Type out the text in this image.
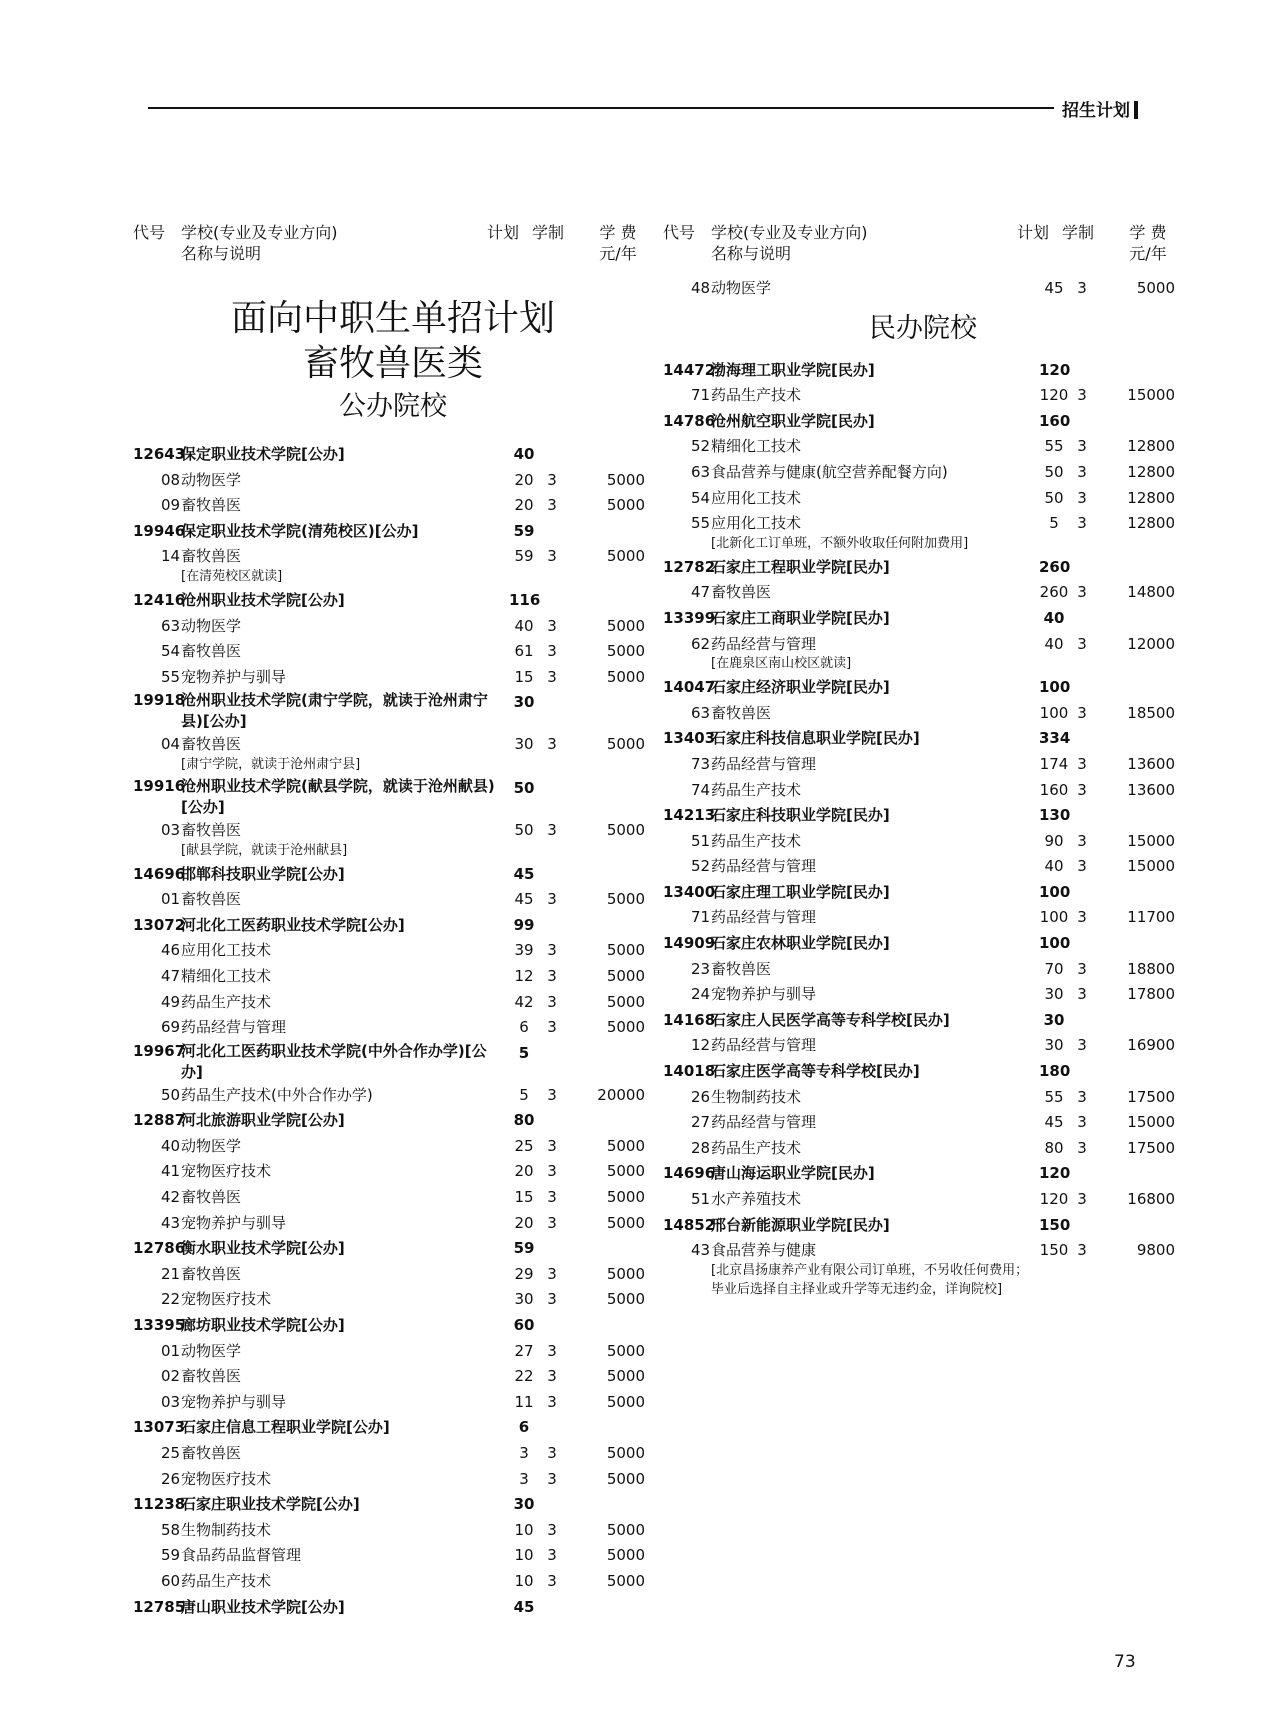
招生计划
代号 学校(专业及专业方向)
名称与说明
计划 学制	学 费
元/年
面向中职生单招计划
畜牧兽医类
公办院校
12643
保定职业技术学院[公办]	40
08 动物医学	20 3	5000
09 畜牧兽医	20 3	5000
19946
保定职业技术学院(清苑校区)[公办]	59
14 畜牧兽医	59 3	5000
[在清苑校区就读]
12416
沧州职业技术学院[公办]	116
63 动物医学	40 3	5000
54 畜牧兽医	61 3	5000
55 宠物养护与驯导	15 3	5000
19918
沧州职业技术学院(肃宁学院，就读于沧州肃宁县)[公办]
30
04 畜牧兽医	30 3	5000
[肃宁学院，就读于沧州肃宁县]
19916
沧州职业技术学院(献县学院，就读于沧州献县)[公办]
50
03 畜牧兽医	50 3	5000
[献县学院，就读于沧州献县]
14696
邯郸科技职业学院[公办]	45
01 畜牧兽医	45 3	5000
13072
河北化工医药职业技术学院[公办]	99
46 应用化工技术	39 3	5000
47 精细化工技术	12 3	5000
49 药品生产技术	42 3	5000
69 药品经营与管理	6	3	5000
19967
河北化工医药职业技术学院(中外合作办学)[公办]
5
50 药品生产技术(中外合作办学)	5	3	20000
12887
河北旅游职业学院[公办]	80
40 动物医学	25 3	5000
41 宠物医疗技术	20 3	5000
42 畜牧兽医	15 3	5000
43 宠物养护与驯导	20 3	5000
12786
衡水职业技术学院[公办]	59
21 畜牧兽医	29 3	5000
22 宠物医疗技术	30 3	5000
13395
廊坊职业技术学院[公办]	60
01 动物医学	27 3	5000
02 畜牧兽医	22 3	5000
03 宠物养护与驯导	11 3	5000
13073
石家庄信息工程职业学院[公办]	6
25 畜牧兽医	3	3	5000
26 宠物医疗技术	3	3	5000
11238
石家庄职业技术学院[公办]	30
58 生物制药技术	10 3	5000
59 食品药品监督管理	10 3	5000
60 药品生产技术	10 3	5000
12785
唐山职业技术学院[公办]	45
代号 学校(专业及专业方向)
名称与说明
计划 学制	学 费
元/年
48 动物医学	45 3	5000
民办院校
14472
渤海理工职业学院[民办]	120
71 药品生产技术	120 3	15000
14786
沧州航空职业学院[民办]	160
52 精细化工技术	55 3	12800
63 食品营养与健康(航空营养配餐方向)	50 3	12800
54 应用化工技术	50 3	12800
55 应用化工技术	5	3	12800
[北新化工订单班，不额外收取任何附加费用]
12782
石家庄工程职业学院[民办]	260
47 畜牧兽医	260 3	14800
13399
石家庄工商职业学院[民办]	40
62 药品经营与管理	40 3	12000
[在鹿泉区南山校区就读]
14047
石家庄经济职业学院[民办]	100
63 畜牧兽医	100 3	18500
13403
石家庄科技信息职业学院[民办]	334
73 药品经营与管理	174 3	13600
74 药品生产技术	160 3	13600
14213
石家庄科技职业学院[民办]	130
51 药品生产技术	90 3	15000
52 药品经营与管理	40 3	15000
13400
石家庄理工职业学院[民办]	100
71 药品经营与管理	100 3	11700
14909
石家庄农林职业学院[民办]	100
23 畜牧兽医	70 3	18800
24 宠物养护与驯导	30 3	17800
14168
石家庄人民医学高等专科学校[民办]	30
12 药品经营与管理	30 3	16900
14018
石家庄医学高等专科学校[民办]	180
26 生物制药技术	55 3	17500
27 药品经营与管理	45 3	15000
28 药品生产技术	80 3	17500
14696
唐山海运职业学院[民办]	120
51 水产养殖技术	120 3	16800
14852
邢台新能源职业学院[民办]	150
43 食品营养与健康	150 3	9800
[北京昌扬康养产业有限公司订单班，不另收任何费用；毕业后选择自主择业或升学等无违约金，详询院校]
73
